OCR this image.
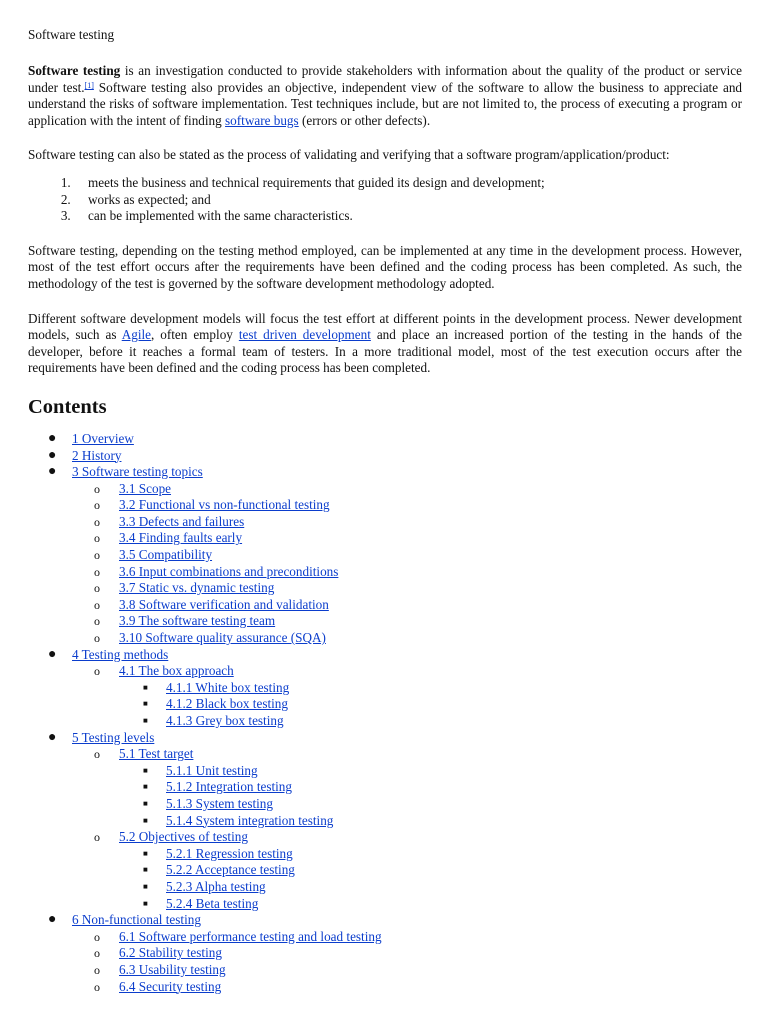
Software testing

Software testing is an investigation conducted to provide stakeholders with information about the quality of the product or service under test.[1] Software testing also provides an objective, independent view of the software to allow the business to appreciate and understand the risks of software implementation. Test techniques include, but are not limited to, the process of executing a program or application with the intent of finding software bugs (errors or other defects).

Software testing can also be stated as the process of validating and verifying that a software program/application/product:

1. meets the business and technical requirements that guided its design and development;
2. works as expected; and
3. can be implemented with the same characteristics.

Software testing, depending on the testing method employed, can be implemented at any time in the development process. However, most of the test effort occurs after the requirements have been defined and the coding process has been completed. As such, the methodology of the test is governed by the software development methodology adopted.

Different software development models will focus the test effort at different points in the development process. Newer development models, such as Agile, often employ test driven development and place an increased portion of the testing in the hands of the developer, before it reaches a formal team of testers. In a more traditional model, most of the test execution occurs after the requirements have been defined and the coding process has been completed.

Contents
● 1 Overview
● 2 History
● 3 Software testing topics
o 3.1 Scope
o 3.2 Functional vs non-functional testing
o 3.3 Defects and failures
o 3.4 Finding faults early
o 3.5 Compatibility
o 3.6 Input combinations and preconditions
o 3.7 Static vs. dynamic testing
o 3.8 Software verification and validation
o 3.9 The software testing team
o 3.10 Software quality assurance (SQA)
● 4 Testing methods
o 4.1 The box approach
■ 4.1.1 White box testing
■ 4.1.2 Black box testing
■ 4.1.3 Grey box testing
● 5 Testing levels
o 5.1 Test target
■ 5.1.1 Unit testing
■ 5.1.2 Integration testing
■ 5.1.3 System testing
■ 5.1.4 System integration testing
o 5.2 Objectives of testing
■ 5.2.1 Regression testing
■ 5.2.2 Acceptance testing
■ 5.2.3 Alpha testing
■ 5.2.4 Beta testing
● 6 Non-functional testing
o 6.1 Software performance testing and load testing
o 6.2 Stability testing
o 6.3 Usability testing
o 6.4 Security testing
